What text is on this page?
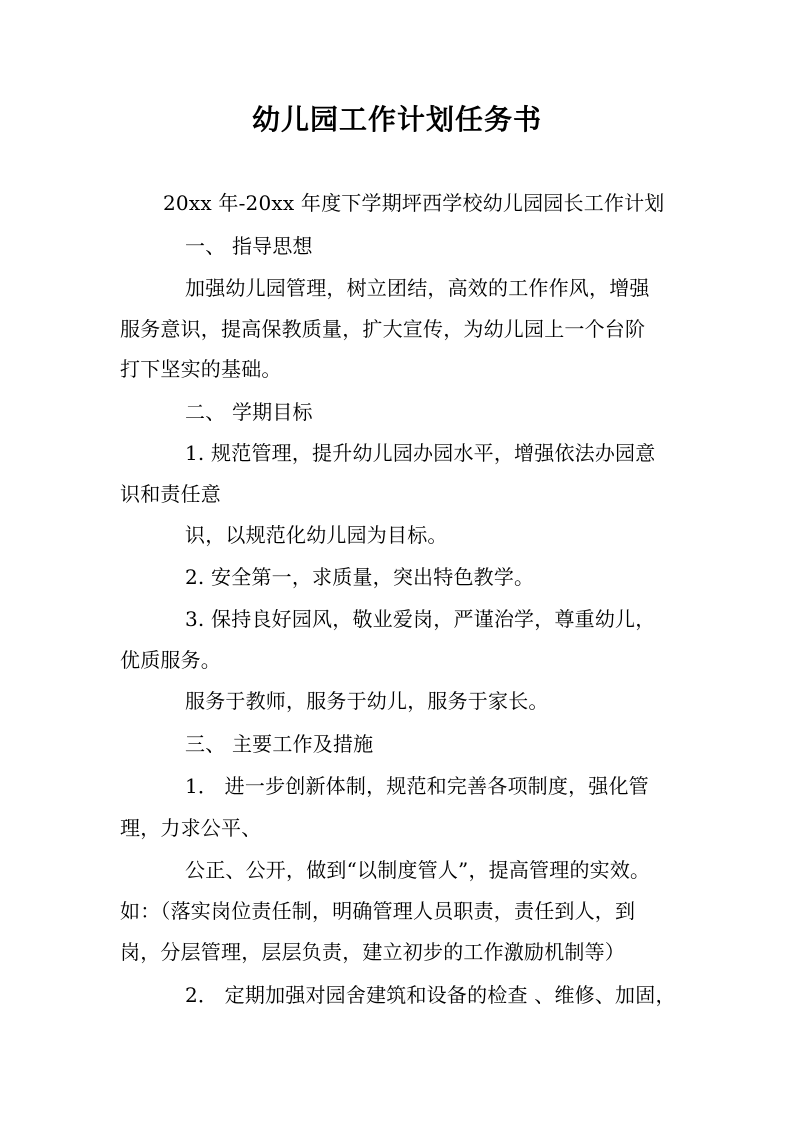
幼儿园工作计划任务书
20xx 年-20xx 年度下学期坪西学校幼儿园园长工作计划
一、 指导思想
加强幼儿园管理，树立团结，高效的工作作风，增强
服务意识，提高保教质量，扩大宣传，为幼儿园上一个台阶
打下坚实的基础。
二、 学期目标
1. 规范管理，提升幼儿园办园水平，增强依法办园意
识和责任意
识，以规范化幼儿园为目标。
2. 安全第一，求质量，突出特色教学。
3. 保持良好园风，敬业爱岗，严谨治学，尊重幼儿，
优质服务。
服务于教师，服务于幼儿，服务于家长。
三、 主要工作及措施
1． 进一步创新体制，规范和完善各项制度，强化管
理，力求公平、
公正、公开，做到“以制度管人”，提高管理的实效。
如：（落实岗位责任制，明确管理人员职责，责任到人，到
岗，分层管理，层层负责，建立初步的工作激励机制等）
2． 定期加强对园舍建筑和设备的检查 、维修、加固，
